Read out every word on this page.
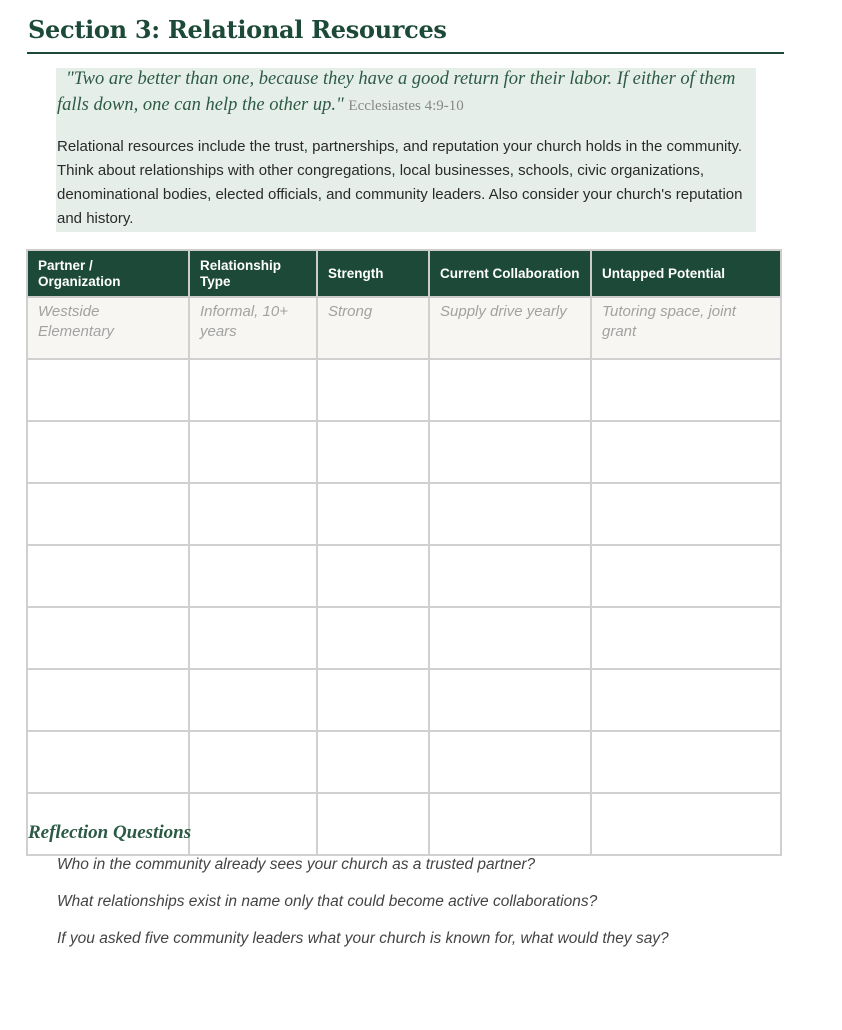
Section 3: Relational Resources

"Two are better than one, because they have a good return for their labor. If either of them falls down, one can help the other up." Ecclesiastes 4:9-10

Relational resources include the trust, partnerships, and reputation your church holds in the community. Think about relationships with other congregations, local businesses, schools, civic organizations, denominational bodies, elected officials, and community leaders. Also consider your church's reputation and history.

Partner / Organization	Relationship Type	Strength	Current Collaboration	Untapped Potential
Westside Elementary	Informal, 10+ years	Strong	Supply drive yearly	Tutoring space, joint grant

Reflection Questions
Who in the community already sees your church as a trusted partner?
What relationships exist in name only that could become active collaborations?
If you asked five community leaders what your church is known for, what would they say?
